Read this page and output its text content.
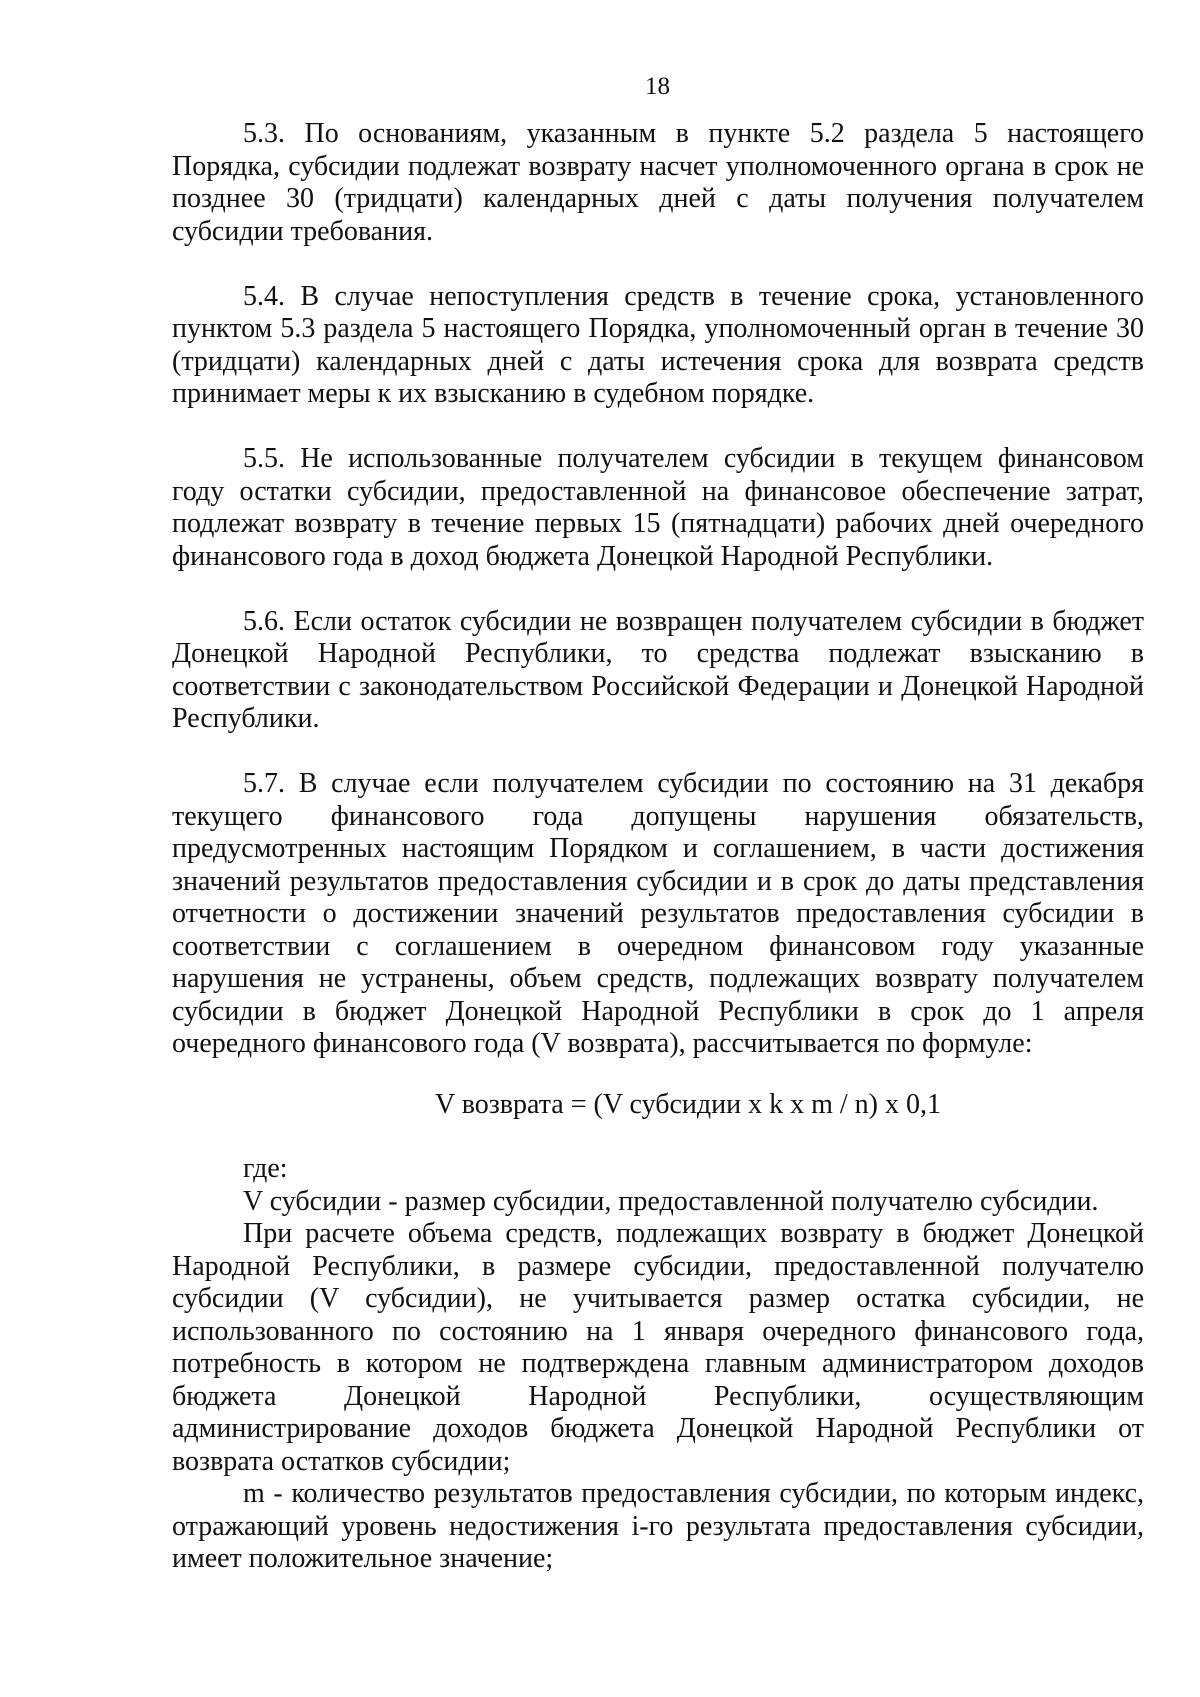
18

5.3. По основаниям, указанным в пункте 5.2 раздела 5 настоящего Порядка, субсидии подлежат возврату насчет уполномоченного органа в срок не позднее 30 (тридцати) календарных дней с даты получения получателем субсидии требования.

5.4. В случае непоступления средств в течение срока, установленного пунктом 5.3 раздела 5 настоящего Порядка, уполномоченный орган в течение 30 (тридцати) календарных дней с даты истечения срока для возврата средств принимает меры к их взысканию в судебном порядке.

5.5. Не использованные получателем субсидии в текущем финансовом году остатки субсидии, предоставленной на финансовое обеспечение затрат, подлежат возврату в течение первых 15 (пятнадцати) рабочих дней очередного финансового года в доход бюджета Донецкой Народной Республики.

5.6. Если остаток субсидии не возвращен получателем субсидии в бюджет Донецкой Народной Республики, то средства подлежат взысканию в соответствии с законодательством Российской Федерации и Донецкой Народной Республики.

5.7. В случае если получателем субсидии по состоянию на 31 декабря текущего финансового года допущены нарушения обязательств, предусмотренных настоящим Порядком и соглашением, в части достижения значений результатов предоставления субсидии и в срок до даты представления отчетности о достижении значений результатов предоставления субсидии в соответствии с соглашением в очередном финансовом году указанные нарушения не устранены, объем средств, подлежащих возврату получателем субсидии в бюджет Донецкой Народной Республики в срок до 1 апреля очередного финансового года (V возврата), рассчитывается по формуле:

V возврата = (V субсидии x k x m / n) x 0,1

где:

V субсидии - размер субсидии, предоставленной получателю субсидии.

При расчете объема средств, подлежащих возврату в бюджет Донецкой Народной Республики, в размере субсидии, предоставленной получателю субсидии (V субсидии), не учитывается размер остатка субсидии, не использованного по состоянию на 1 января очередного финансового года, потребность в котором не подтверждена главным администратором доходов бюджета Донецкой Народной Республики, осуществляющим администрирование доходов бюджета Донецкой Народной Республики от возврата остатков субсидии;

m - количество результатов предоставления субсидии, по которым индекс, отражающий уровень недостижения i-го результата предоставления субсидии, имеет положительное значение;
